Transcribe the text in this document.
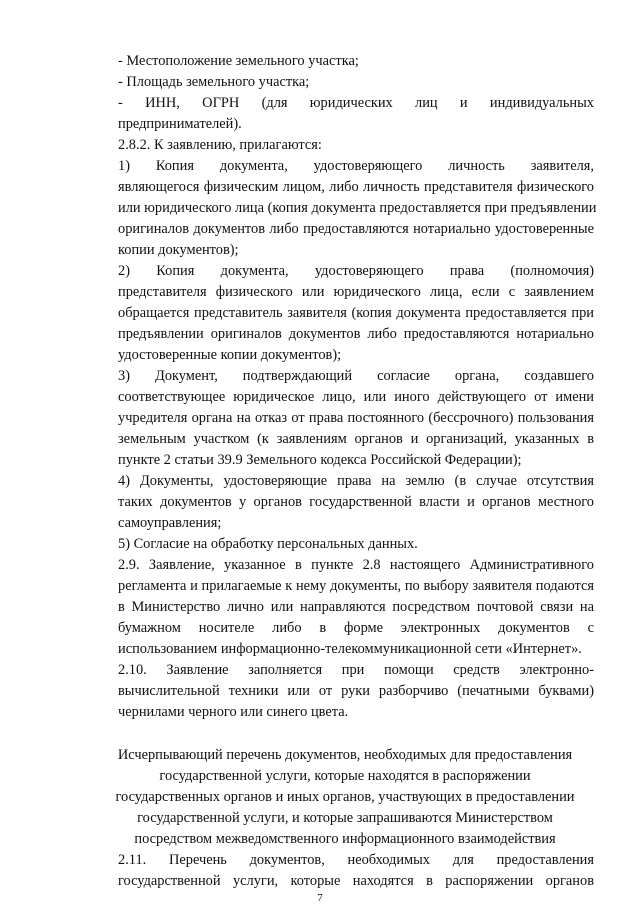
- Местоположение земельного участка;
- Площадь земельного участка;
- ИНН, ОГРН (для юридических лиц и индивидуальных
предпринимателей).
2.8.2. К заявлению, прилагаются:
1) Копия документа, удостоверяющего личность заявителя,
являющегося физическим лицом, либо личность представителя физического
или юридического лица (копия документа предоставляется при предъявлении
оригиналов документов либо предоставляются нотариально удостоверенные
копии документов);
2) Копия документа, удостоверяющего права (полномочия)
представителя физического или юридического лица, если с заявлением
обращается представитель заявителя (копия документа предоставляется при
предъявлении оригиналов документов либо предоставляются нотариально
удостоверенные копии документов);
3) Документ, подтверждающий согласие органа, создавшего
соответствующее юридическое лицо, или иного действующего от имени
учредителя органа на отказ от права постоянного (бессрочного) пользования
земельным участком (к заявлениям органов и организаций, указанных в
пункте 2 статьи 39.9 Земельного кодекса Российской Федерации);
4) Документы, удостоверяющие права на землю (в случае отсутствия
таких документов у органов государственной власти и органов местного
самоуправления;
5) Согласие на обработку персональных данных.
2.9. Заявление, указанное в пункте 2.8 настоящего Административного
регламента и прилагаемые к нему документы, по выбору заявителя подаются
в Министерство лично или направляются посредством почтовой связи на
бумажном носителе либо в форме электронных документов с
использованием информационно-телекоммуникационной сети «Интернет».
2.10. Заявление заполняется при помощи средств электронно-
вычислительной техники или от руки разборчиво (печатными буквами)
чернилами черного или синего цвета.
Исчерпывающий перечень документов, необходимых для предоставления
государственной услуги, которые находятся в распоряжении
государственных органов и иных органов, участвующих в предоставлении
государственной услуги, и которые запрашиваются Министерством
посредством межведомственного информационного взаимодействия
2.11. Перечень документов, необходимых для предоставления
государственной услуги, которые находятся в распоряжении органов
7
